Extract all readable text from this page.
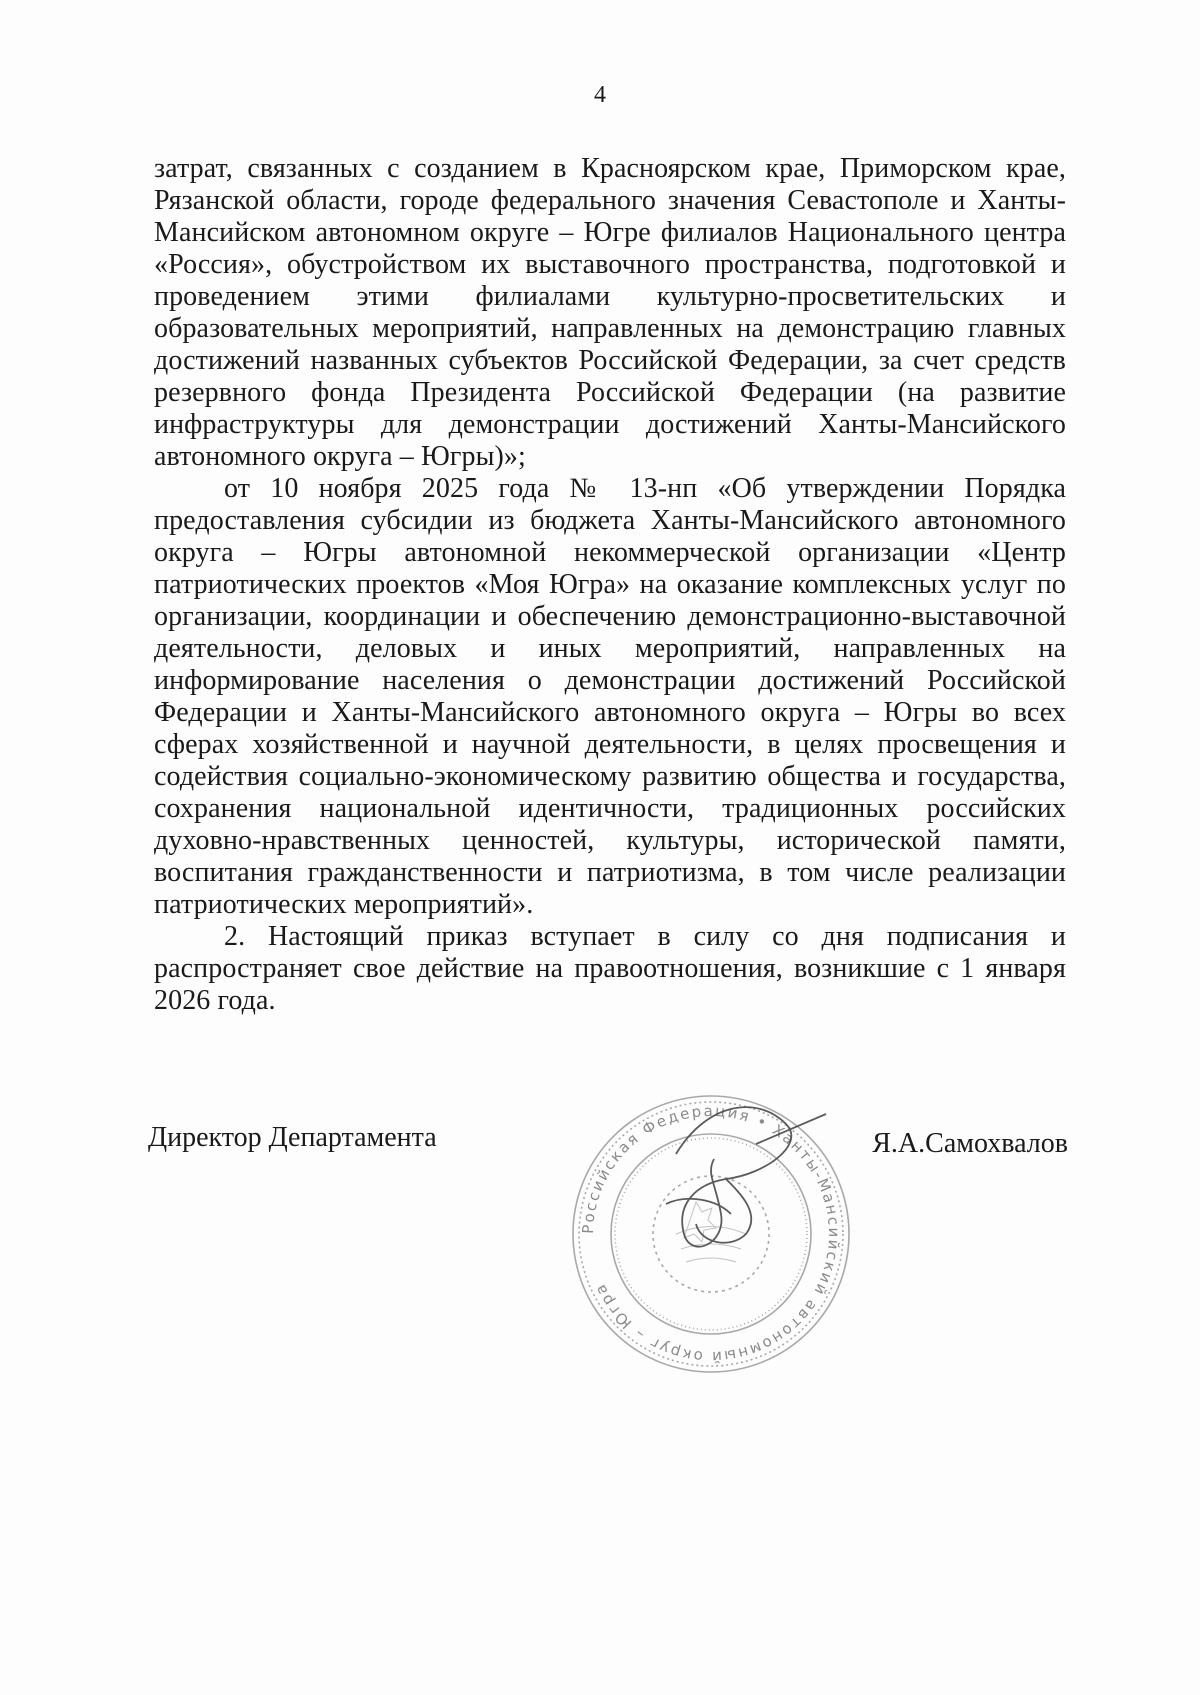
4

затрат, связанных с созданием в Красноярском крае, Приморском крае, Рязанской области, городе федерального значения Севастополе и Ханты-Мансийском автономном округе – Югре филиалов Национального центра «Россия», обустройством их выставочного пространства, подготовкой и проведением этими филиалами культурно-просветительских и образовательных мероприятий, направленных на демонстрацию главных достижений названных субъектов Российской Федерации, за счет средств резервного фонда Президента Российской Федерации (на развитие инфраструктуры для демонстрации достижений Ханты-Мансийского автономного округа – Югры)»;

от 10 ноября 2025 года № 13-нп «Об утверждении Порядка предоставления субсидии из бюджета Ханты-Мансийского автономного округа – Югры автономной некоммерческой организации «Центр патриотических проектов «Моя Югра» на оказание комплексных услуг по организации, координации и обеспечению демонстрационно-выставочной деятельности, деловых и иных мероприятий, направленных на информирование населения о демонстрации достижений Российской Федерации и Ханты-Мансийского автономного округа – Югры во всех сферах хозяйственной и научной деятельности, в целях просвещения и содействия социально-экономическому развитию общества и государства, сохранения национальной идентичности, традиционных российских духовно-нравственных ценностей, культуры, исторической памяти, воспитания гражданственности и патриотизма, в том числе реализации патриотических мероприятий».

2. Настоящий приказ вступает в силу со дня подписания и распространяет свое действие на правоотношения, возникшие с 1 января 2026 года.

Директор Департамента
Российская Федерация • Ханты-Мансийский автономный округ – Югра
Я.А.Самохвалов
